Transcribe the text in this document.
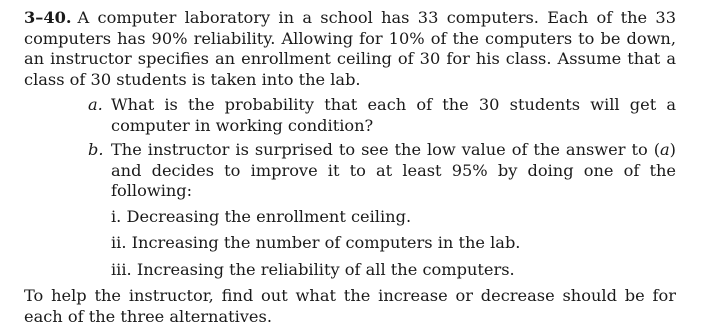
3–40. A computer laboratory in a school has 33 computers. Each of the 33 computers has 90% reliability. Allowing for 10% of the computers to be down, an instructor specifies an enrollment ceiling of 30 for his class. Assume that a class of 30 students is taken into the lab.

a. What is the probability that each of the 30 students will get a computer in working condition?
b. The instructor is surprised to see the low value of the answer to (a) and decides to improve it to at least 95% by doing one of the following:
i. Decreasing the enrollment ceiling.
ii. Increasing the number of computers in the lab.
iii. Increasing the reliability of all the computers.

To help the instructor, find out what the increase or decrease should be for each of the three alternatives.
